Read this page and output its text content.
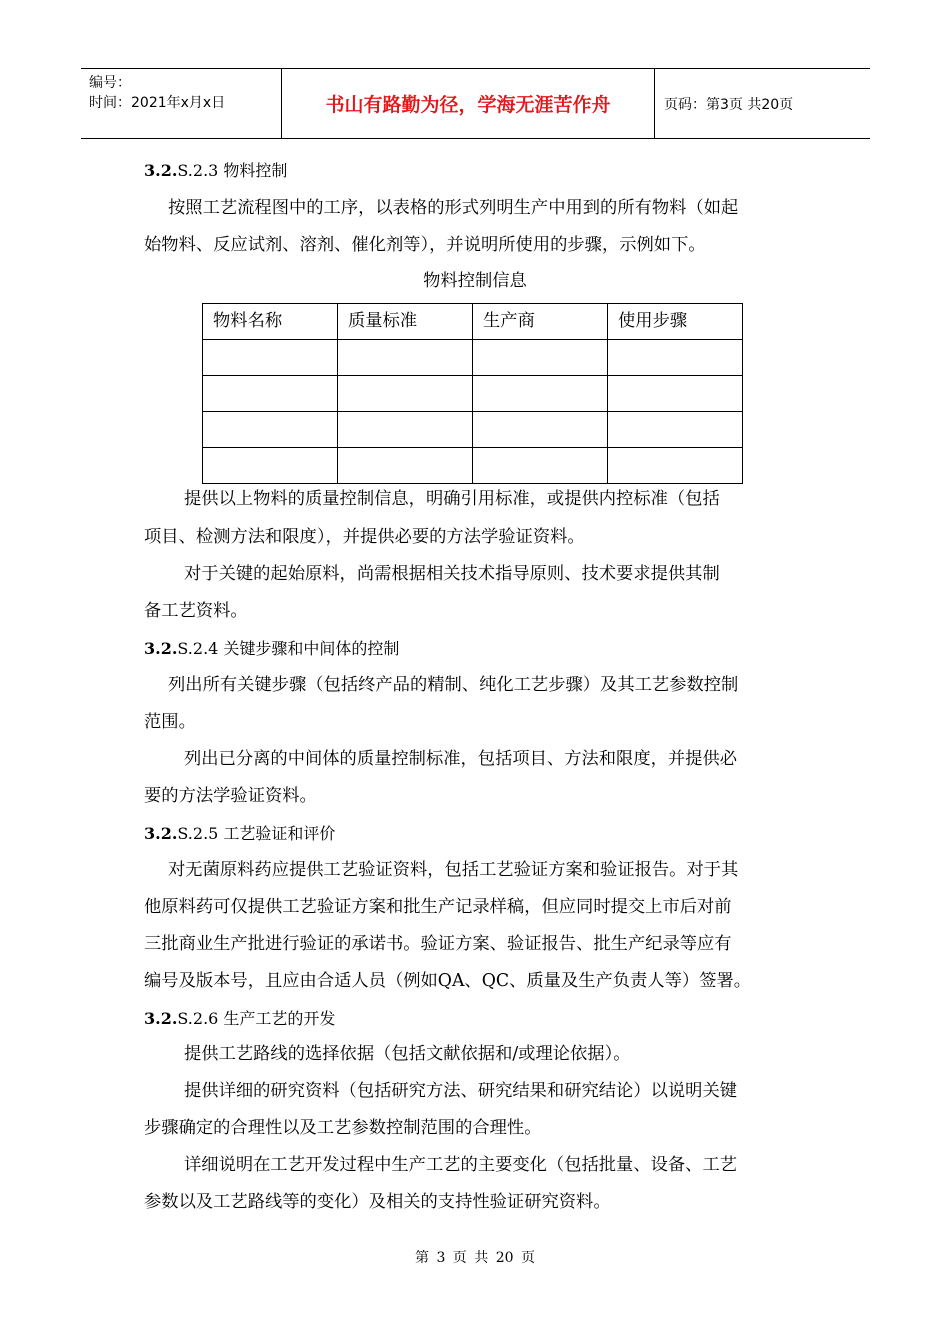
编号：
时间：2021年x月x日	书山有路勤为径，学海无涯苦作舟	页码：第3页 共20页

3.2.S.2.3 物料控制

按照工艺流程图中的工序，以表格的形式列明生产中用到的所有物料（如起

始物料、反应试剂、溶剂、催化剂等），并说明所使用的步骤，示例如下。

物料控制信息
物料名称	质量标准	生产商	使用步骤

提供以上物料的质量控制信息，明确引用标准，或提供内控标准（包括

项目、检测方法和限度），并提供必要的方法学验证资料。

对于关键的起始原料，尚需根据相关技术指导原则、技术要求提供其制

备工艺资料。

3.2.S.2.4 关键步骤和中间体的控制

列出所有关键步骤（包括终产品的精制、纯化工艺步骤）及其工艺参数控制

范围。

列出已分离的中间体的质量控制标准，包括项目、方法和限度，并提供必

要的方法学验证资料。

3.2.S.2.5 工艺验证和评价

对无菌原料药应提供工艺验证资料，包括工艺验证方案和验证报告。对于其

他原料药可仅提供工艺验证方案和批生产记录样稿，但应同时提交上市后对前

三批商业生产批进行验证的承诺书。验证方案、验证报告、批生产纪录等应有

编号及版本号，且应由合适人员（例如QA、QC、质量及生产负责人等）签署。

3.2.S.2.6 生产工艺的开发

提供工艺路线的选择依据（包括文献依据和/或理论依据）。

提供详细的研究资料（包括研究方法、研究结果和研究结论）以说明关键

步骤确定的合理性以及工艺参数控制范围的合理性。

详细说明在工艺开发过程中生产工艺的主要变化（包括批量、设备、工艺

参数以及工艺路线等的变化）及相关的支持性验证研究资料。

第 3 页 共 20 页
